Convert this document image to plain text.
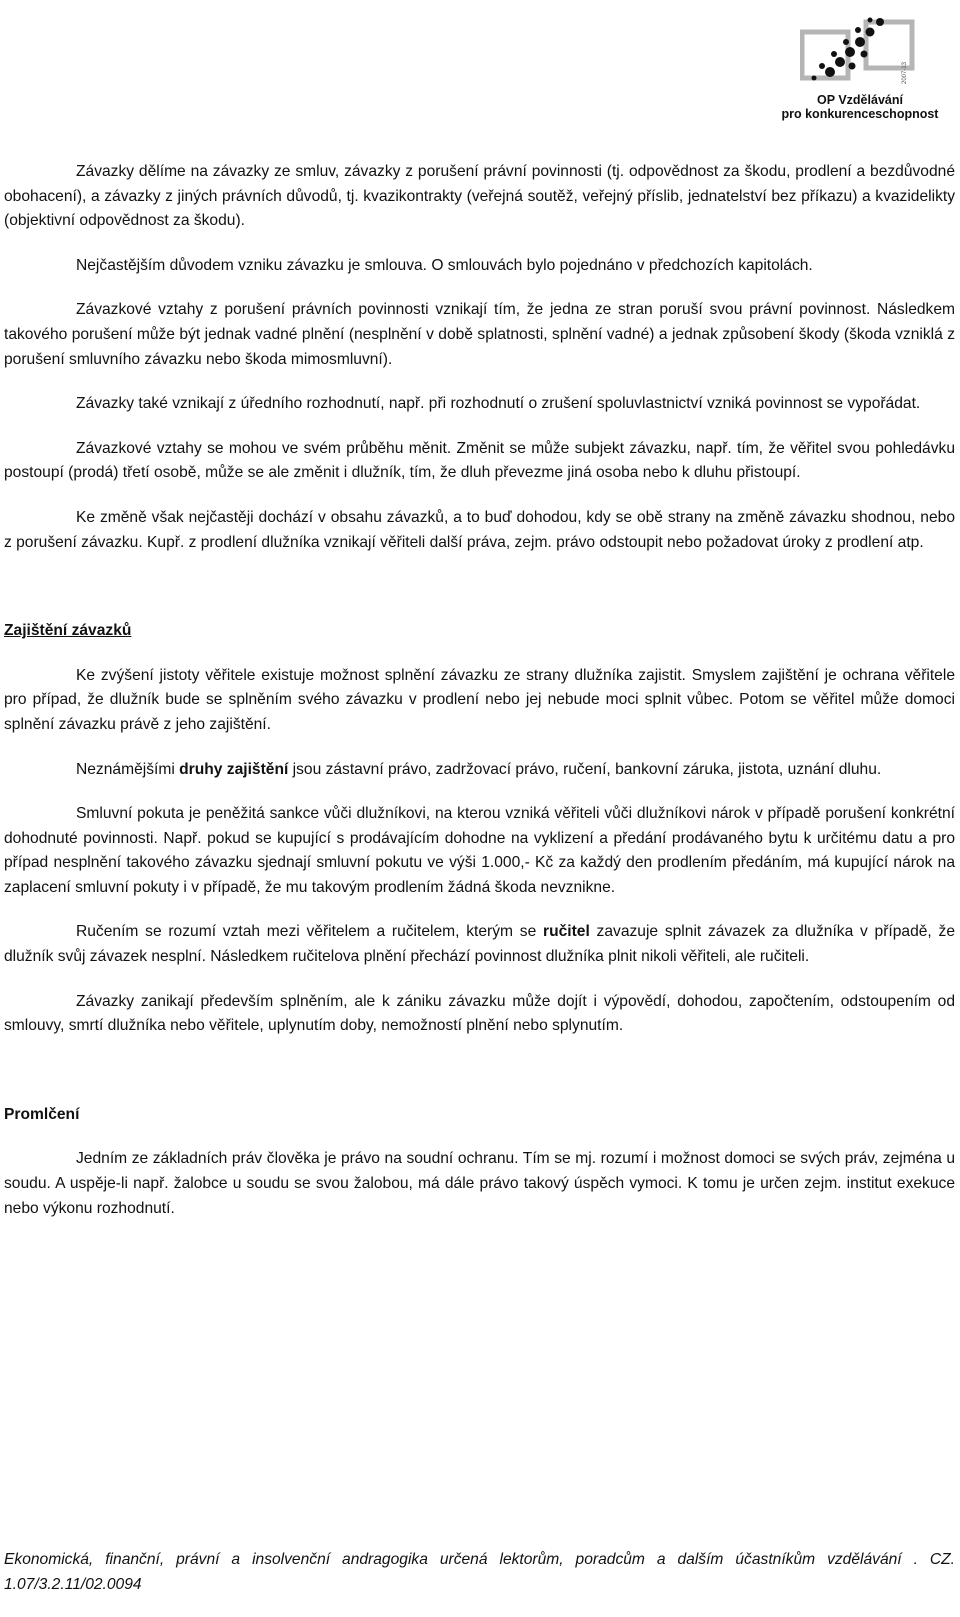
2007-13
OP Vzdělávání
pro konkurenceschopnost

Závazky dělíme na závazky ze smluv, závazky z porušení právní povinnosti (tj. odpovědnost za škodu, prodlení a bezdůvodné obohacení), a závazky z jiných právních důvodů, tj. kvazikontrakty (veřejná soutěž, veřejný příslib, jednatelství bez příkazu) a kvazidelikty (objektivní odpovědnost za škodu).

Nejčastějším důvodem vzniku závazku je smlouva. O smlouvách bylo pojednáno v předchozích kapitolách.

Závazkové vztahy z porušení právních povinnosti vznikají tím, že jedna ze stran poruší svou právní povinnost. Následkem takového porušení může být jednak vadné plnění (nesplnění v době splatnosti, splnění vadné) a jednak způsobení škody (škoda vzniklá z porušení smluvního závazku nebo škoda mimosmluvní).

Závazky také vznikají z úředního rozhodnutí, např. při rozhodnutí o zrušení spoluvlastnictví vzniká povinnost se vypořádat.

Závazkové vztahy se mohou ve svém průběhu měnit. Změnit se může subjekt závazku, např. tím, že věřitel svou pohledávku postoupí (prodá) třetí osobě, může se ale změnit i dlužník, tím, že dluh převezme jiná osoba nebo k dluhu přistoupí.

Ke změně však nejčastěji dochází v obsahu závazků, a to buď dohodou, kdy se obě strany na změně závazku shodnou, nebo z porušení závazku. Kupř. z prodlení dlužníka vznikají věřiteli další práva, zejm. právo odstoupit nebo požadovat úroky z prodlení atp.

Zajištění závazků

Ke zvýšení jistoty věřitele existuje možnost splnění závazku ze strany dlužníka zajistit. Smyslem zajištění je ochrana věřitele pro případ, že dlužník bude se splněním svého závazku v prodlení nebo jej nebude moci splnit vůbec. Potom se věřitel může domoci splnění závazku právě z jeho zajištění.

Neznámějšími druhy zajištění jsou zástavní právo, zadržovací právo, ručení, bankovní záruka, jistota, uznání dluhu.

Smluvní pokuta je peněžitá sankce vůči dlužníkovi, na kterou vzniká věřiteli vůči dlužníkovi nárok v případě porušení konkrétní dohodnuté povinnosti. Např. pokud se kupující s prodávajícím dohodne na vyklizení a předání prodávaného bytu k určitému datu a pro případ nesplnění takového závazku sjednají smluvní pokutu ve výši 1.000,- Kč za každý den prodlením předáním, má kupující nárok na zaplacení smluvní pokuty i v případě, že mu takovým prodlením žádná škoda nevznikne.

Ručením se rozumí vztah mezi věřitelem a ručitelem, kterým se ručitel zavazuje splnit závazek za dlužníka v případě, že dlužník svůj závazek nesplní. Následkem ručitelova plnění přechází povinnost dlužníka plnit nikoli věřiteli, ale ručiteli.

Závazky zanikají především splněním, ale k zániku závazku může dojít i výpovědí, dohodou, započtením, odstoupením od smlouvy, smrtí dlužníka nebo věřitele, uplynutím doby, nemožností plnění nebo splynutím.

Promlčení

Jedním ze základních práv člověka je právo na soudní ochranu. Tím se mj. rozumí i možnost domoci se svých práv, zejména u soudu. A uspěje-li např. žalobce u soudu se svou žalobou, má dále právo takový úspěch vymoci. K tomu je určen zejm. institut exekuce nebo výkonu rozhodnutí.

Ekonomická, finanční, právní a insolvenční andragogika určená lektorům, poradcům a dalším účastníkům vzdělávání . CZ. 1.07/3.2.11/02.0094
